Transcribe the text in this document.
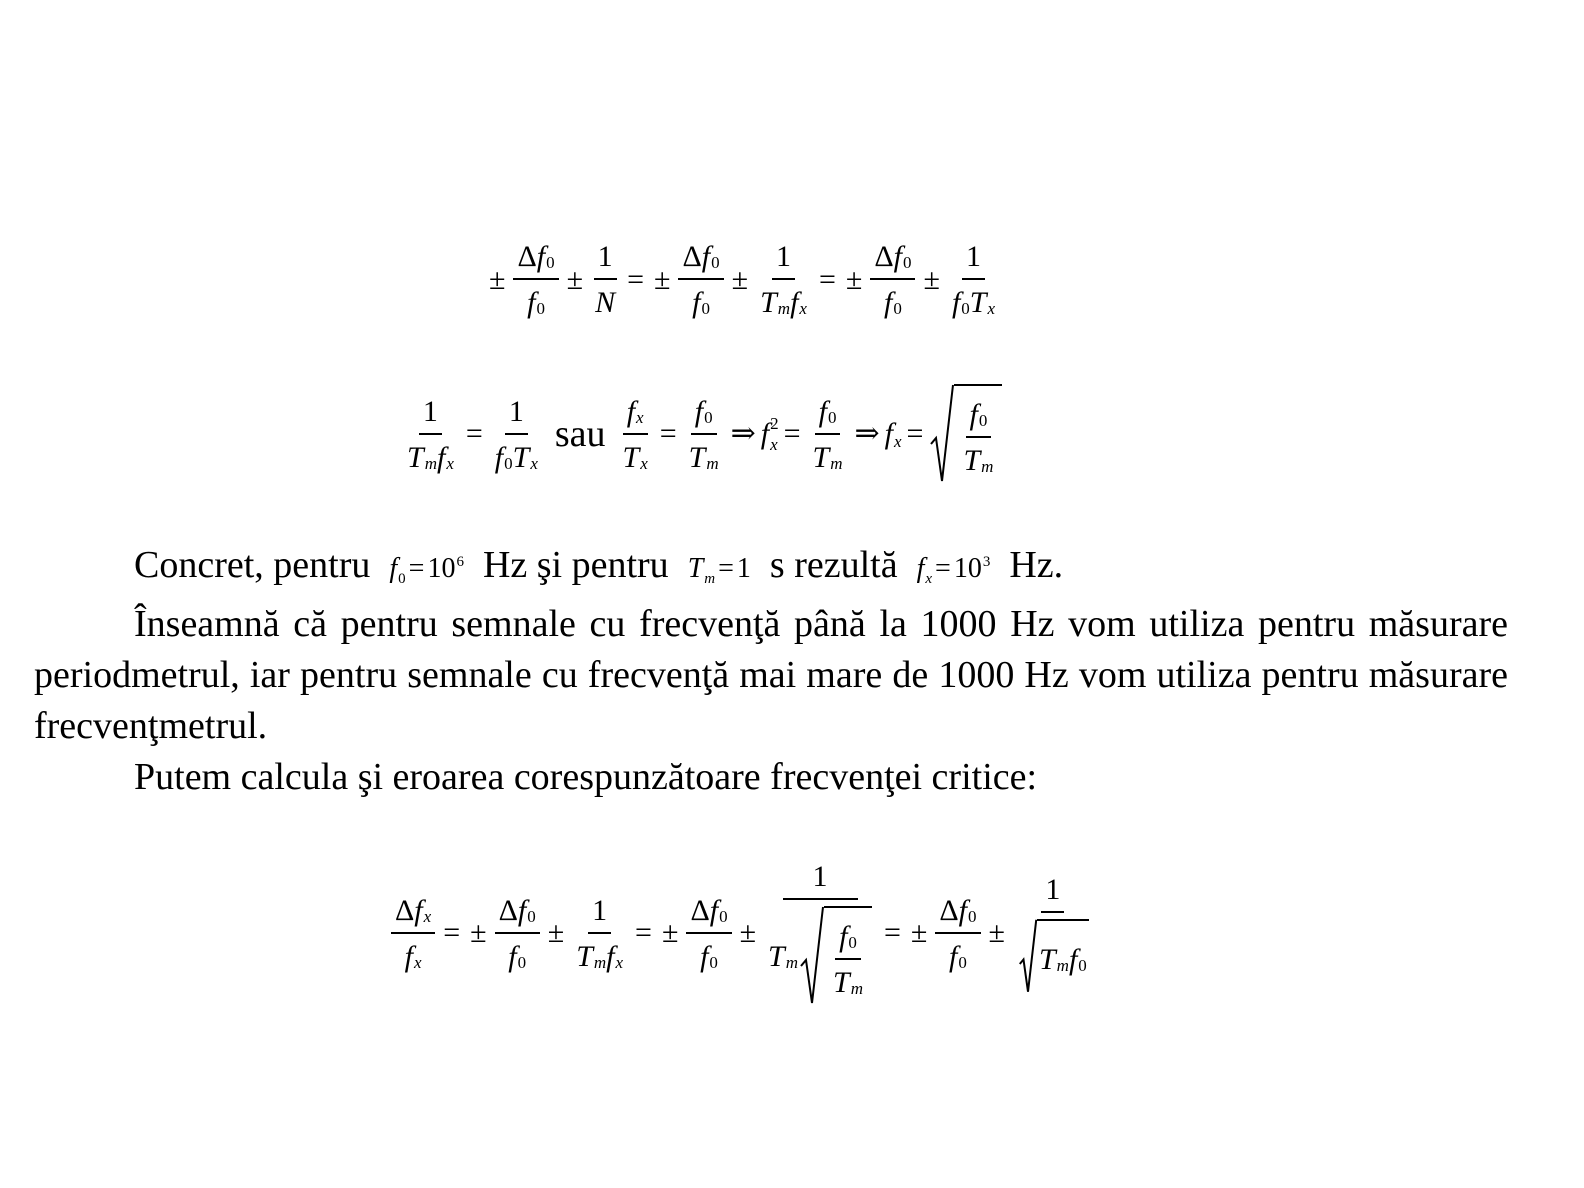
± $\frac{\text{Δ f 0}}{f 0} \pm \frac{1}{N}$ = ± $\frac{\text{Δ f 0}}{f 0} \pm \frac{1}{\text{T m f x}}$ = ± $\frac{\text{Δ f 0}}{f 0} \pm \frac{1}{\text{f 0 T x}}$
$\frac{1}{\text{T m f x}} = \frac{1}{\text{f 0 T x}}$ sau $\frac{\text{f x}}{\text{T x}} = \frac{f 0}{\text{T m}}$ ⇒ f 2
$x = \frac{f 0}{\text{T m}}$ ⇒ f $x = \frac{f 0}{\text{T m}}$

Concret, pentru $f_0 = 10^6$ Hz şi pentru $T_m = 1$ s rezultă $f_x = 10^3$ Hz.

Înseamnă că pentru semnale cu frecvenţă până la 1000 Hz vom utiliza pentru măsurare periodmetrul, iar pentru semnale cu frecvenţă mai mare de 1000 Hz vom utiliza pentru măsurare frecvenţmetrul.

Putem calcula şi eroarea corespunzătoare frecvenţei critice:

$\frac{\text{Δ f x}}{\text{f x}}$ = ± $\frac{\text{Δ f 0}}{f 0} \pm \frac{1}{\text{T m f x}}$ = ± $\frac{\text{Δ f 0}}{f 0} \pm \frac{1}{T m \frac{f 0}{\text{T m}}}$ = ± $\frac{\text{Δ f 0}}{f 0} \pm \frac{1}{\text{T m f 0}}$
